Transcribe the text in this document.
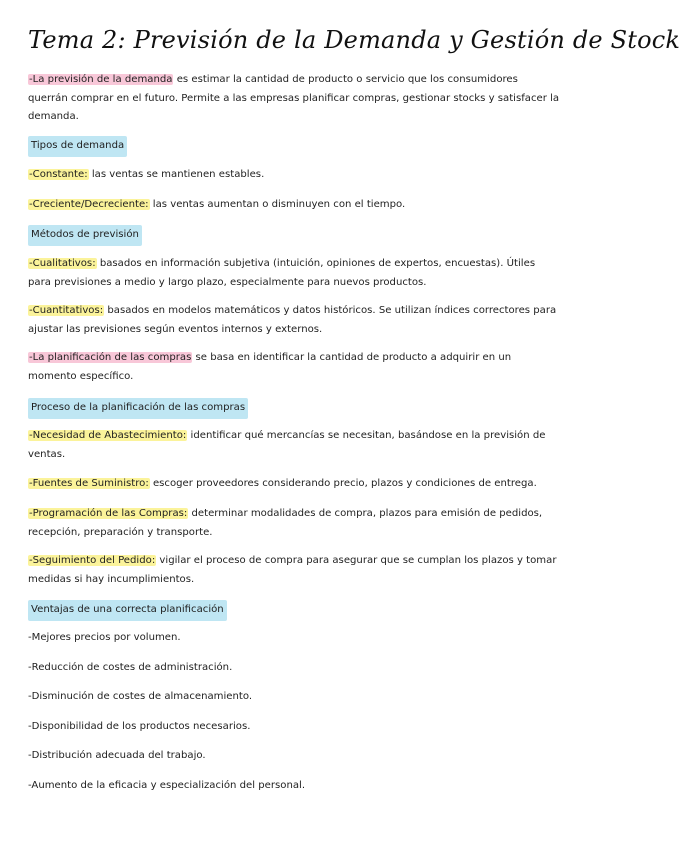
Tema 2: Previsión de la Demanda y Gestión de Stock
-La previsión de la demanda es estimar la cantidad de producto o servicio que los consumidores querrán comprar en el futuro. Permite a las empresas planificar compras, gestionar stocks y satisfacer la demanda.
Tipos de demanda
-Constante: las ventas se mantienen estables.
-Creciente/Decreciente: las ventas aumentan o disminuyen con el tiempo.
Métodos de previsión
-Cualitativos: basados en información subjetiva (intuición, opiniones de expertos, encuestas). Útiles para previsiones a medio y largo plazo, especialmente para nuevos productos.
-Cuantitativos: basados en modelos matemáticos y datos históricos. Se utilizan índices correctores para ajustar las previsiones según eventos internos y externos.
-La planificación de las compras se basa en identificar la cantidad de producto a adquirir en un momento específico.
Proceso de la planificación de las compras
-Necesidad de Abastecimiento: identificar qué mercancías se necesitan, basándose en la previsión de ventas.
-Fuentes de Suministro: escoger proveedores considerando precio, plazos y condiciones de entrega.
-Programación de las Compras: determinar modalidades de compra, plazos para emisión de pedidos, recepción, preparación y transporte.
-Seguimiento del Pedido: vigilar el proceso de compra para asegurar que se cumplan los plazos y tomar medidas si hay incumplimientos.
Ventajas de una correcta planificación
-Mejores precios por volumen.
-Reducción de costes de administración.
-Disminución de costes de almacenamiento.
-Disponibilidad de los productos necesarios.
-Distribución adecuada del trabajo.
-Aumento de la eficacia y especialización del personal.
